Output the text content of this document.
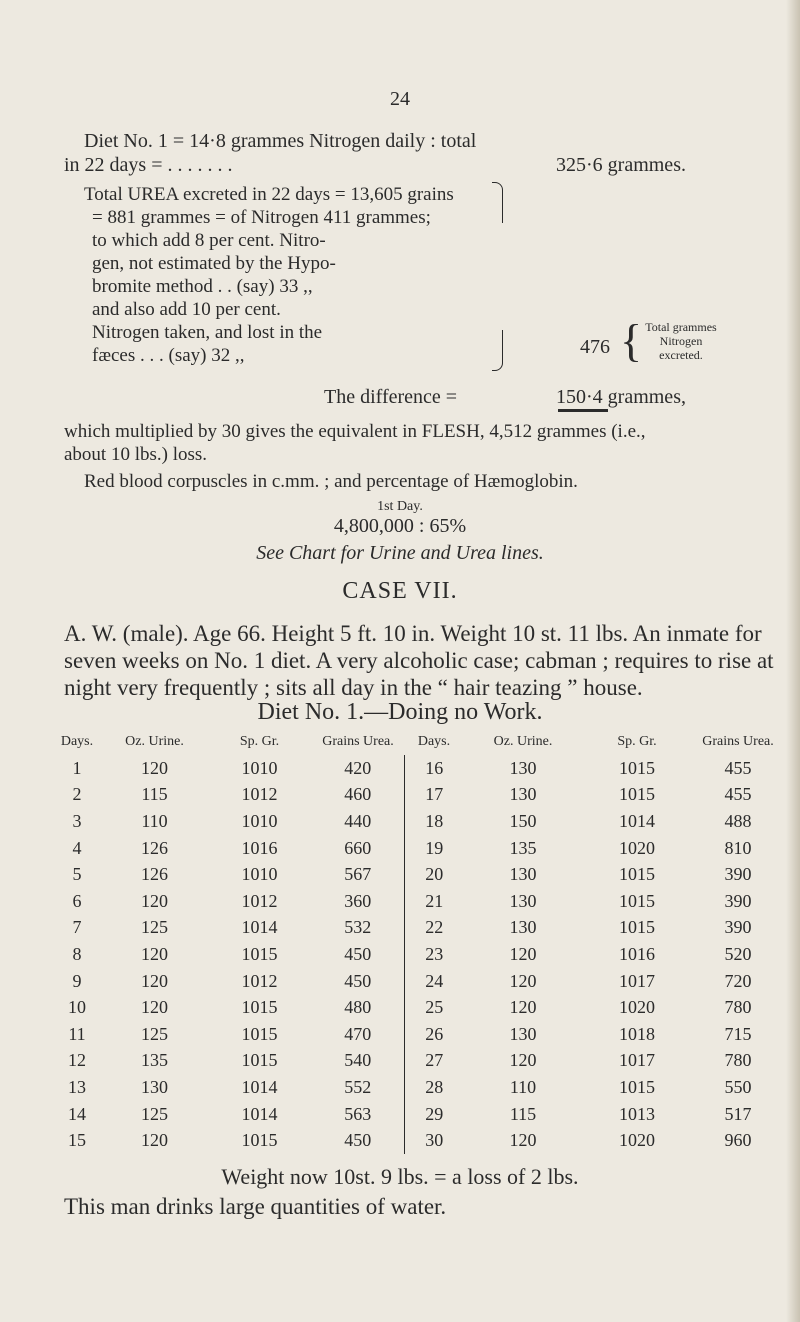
24
Diet No. 1 = 14·8 grammes Nitrogen daily : total
in 22 days = . . . . . . .	325·6 grammes.
Total UREA excreted in 22 days = 13,605 grains
= 881 grammes = of Nitrogen 411 grammes;
to which add 8 per cent. Nitro-
gen, not estimated by the Hypo-
bromite method . . (say) 33 ,,
and also add 10 per cent.
Nitrogen taken, and lost in the
fæces . . . (say) 32 ,,	476 { Total grammes
Nitrogen
excreted.
The difference =	150·4 grammes,
which multiplied by 30 gives the equivalent in FLESH, 4,512 grammes (i.e.,
about 10 lbs.) loss.
Red blood corpuscles in c.mm. ; and percentage of Hæmoglobin.
1st Day.
4,800,000 : 65%
See Chart for Urine and Urea lines.
CASE VII.
A. W. (male). Age 66. Height 5 ft. 10 in. Weight 10 st. 11 lbs. An inmate for seven weeks on No. 1 diet. A very alcoholic case; cabman ; requires to rise at night very frequently ; sits all day in the “ hair teazing ” house.
Diet No. 1.—Doing no Work.
Days.	Oz. Urine.	Sp. Gr.	Grains Urea.	Days.	Oz. Urine.	Sp. Gr.	Grains Urea.
1	120	1010	420	16	130	1015	455
2	115	1012	460	17	130	1015	455
3	110	1010	440	18	150	1014	488
4	126	1016	660	19	135	1020	810
5	126	1010	567	20	130	1015	390
6	120	1012	360	21	130	1015	390
7	125	1014	532	22	130	1015	390
8	120	1015	450	23	120	1016	520
9	120	1012	450	24	120	1017	720
10	120	1015	480	25	120	1020	780
11	125	1015	470	26	130	1018	715
12	135	1015	540	27	120	1017	780
13	130	1014	552	28	110	1015	550
14	125	1014	563	29	115	1013	517
15	120	1015	450	30	120	1020	960
Weight now 10st. 9 lbs. = a loss of 2 lbs.
This man drinks large quantities of water.
